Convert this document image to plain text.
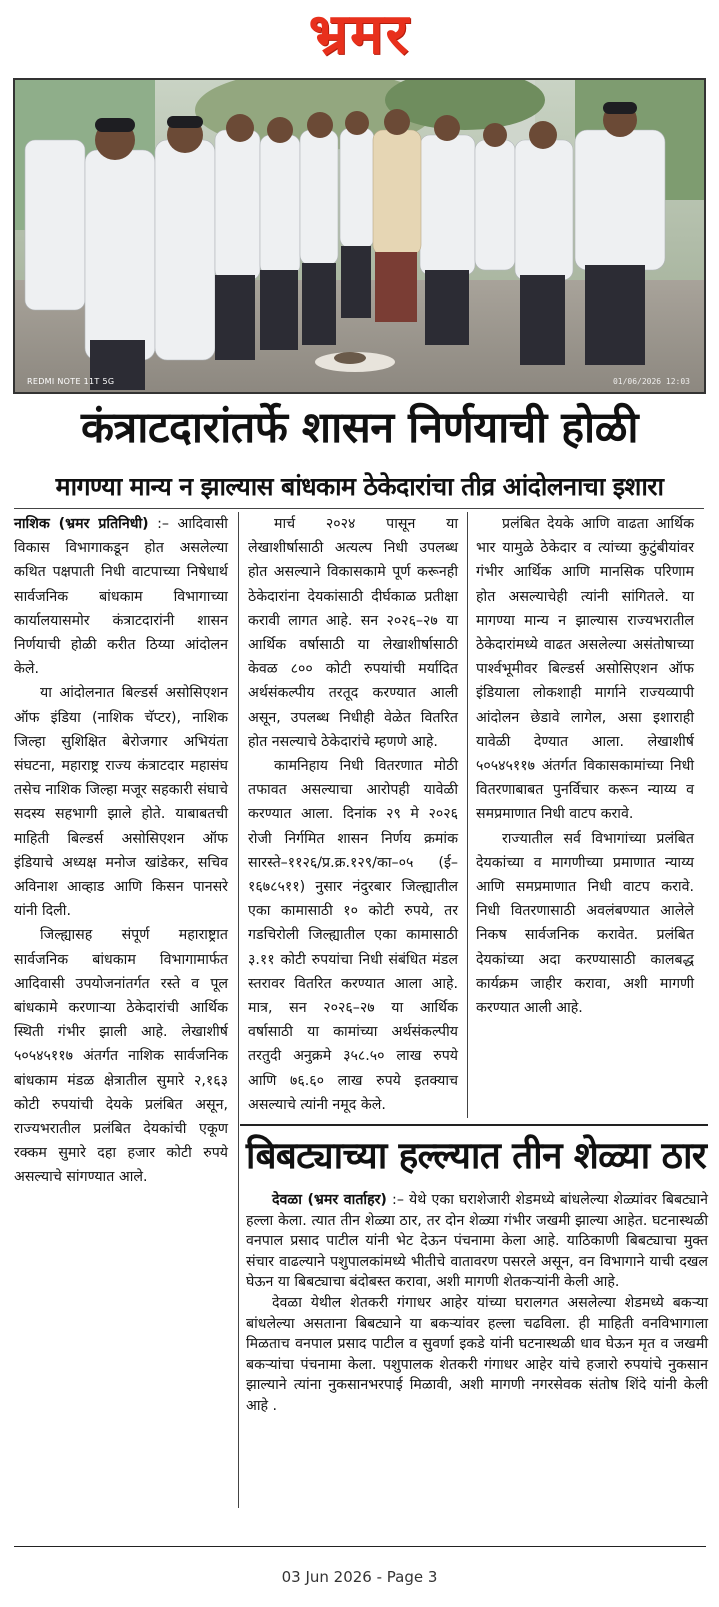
भ्रमर
REDMI NOTE 11T 5G	01/06/2026 12:03
कंत्राटदारांतर्फे शासन निर्णयाची होळी
मागण्या मान्य न झाल्यास बांधकाम ठेकेदारांचा तीव्र आंदोलनाचा इशारा

नाशिक (भ्रमर प्रतिनिधी) :– आदिवासी विकास विभागाकडून होत असलेल्या कथित पक्षपाती निधी वाटपाच्या निषेधार्थ सार्वजनिक बांधकाम विभागाच्या कार्यालयासमोर कंत्राटदारांनी शासन निर्णयाची होळी करीत ठिय्या आंदोलन केले.

या आंदोलनात बिल्डर्स असोसिएशन ऑफ इंडिया (नाशिक चॅप्टर), नाशिक जिल्हा सुशिक्षित बेरोजगार अभियंता संघटना, महाराष्ट्र राज्य कंत्राटदार महासंघ तसेच नाशिक जिल्हा मजूर सहकारी संघाचे सदस्य सहभागी झाले होते. याबाबतची माहिती बिल्डर्स असोसिएशन ऑफ इंडियाचे अध्यक्ष मनोज खांडेकर, सचिव अविनाश आव्हाड आणि किसन पानसरे यांनी दिली.

जिल्ह्यासह संपूर्ण महाराष्ट्रात सार्वजनिक बांधकाम विभागामार्फत आदिवासी उपयोजनांतर्गत रस्ते व पूल बांधकामे करणाऱ्या ठेकेदारांची आर्थिक स्थिती गंभीर झाली आहे. लेखाशीर्ष ५०५४५११७ अंतर्गत नाशिक सार्वजनिक बांधकाम मंडळ क्षेत्रातील सुमारे २,१६३ कोटी रुपयांची देयके प्रलंबित असून, राज्यभरातील प्रलंबित देयकांची एकूण रक्कम सुमारे दहा हजार कोटी रुपये असल्याचे सांगण्यात आले.

मार्च २०२४ पासून या लेखाशीर्षासाठी अत्यल्प निधी उपलब्ध होत असल्याने विकासकामे पूर्ण करूनही ठेकेदारांना देयकांसाठी दीर्घकाळ प्रतीक्षा करावी लागत आहे. सन २०२६–२७ या आर्थिक वर्षासाठी या लेखाशीर्षासाठी केवळ ८०० कोटी रुपयांची मर्यादित अर्थसंकल्पीय तरतूद करण्यात आली असून, उपलब्ध निधीही वेळेत वितरित होत नसल्याचे ठेकेदारांचे म्हणणे आहे.

कामनिहाय निधी वितरणात मोठी तफावत असल्याचा आरोपही यावेळी करण्यात आला. दिनांक २९ मे २०२६ रोजी निर्गमित शासन निर्णय क्रमांक सारस्ते–११२६/प्र.क्र.१२९/का–०५ (ई–१६७८५११) नुसार नंदुरबार जिल्ह्यातील एका कामासाठी १० कोटी रुपये, तर गडचिरोली जिल्ह्यातील एका कामासाठी ३.११ कोटी रुपयांचा निधी संबंधित मंडल स्तरावर वितरित करण्यात आला आहे. मात्र, सन २०२६–२७ या आर्थिक वर्षासाठी या कामांच्या अर्थसंकल्पीय तरतुदी अनुक्रमे ३५८.५० लाख रुपये आणि ७६.६० लाख रुपये इतक्याच असल्याचे त्यांनी नमूद केले.

प्रलंबित देयके आणि वाढता आर्थिक भार यामुळे ठेकेदार व त्यांच्या कुटुंबीयांवर गंभीर आर्थिक आणि मानसिक परिणाम होत असल्याचेही त्यांनी सांगितले. या मागण्या मान्य न झाल्यास राज्यभरातील ठेकेदारांमध्ये वाढत असलेल्या असंतोषाच्या पार्श्वभूमीवर बिल्डर्स असोसिएशन ऑफ इंडियाला लोकशाही मार्गाने राज्यव्यापी आंदोलन छेडावे लागेल, असा इशाराही यावेळी देण्यात आला. लेखाशीर्ष ५०५४५११७ अंतर्गत विकासकामांच्या निधी वितरणाबाबत पुनर्विचार करून न्याय्य व समप्रमाणात निधी वाटप करावे.

राज्यातील सर्व विभागांच्या प्रलंबित देयकांच्या व मागणीच्या प्रमाणात न्याय्य आणि समप्रमाणात निधी वाटप करावे. निधी वितरणासाठी अवलंबण्यात आलेले निकष सार्वजनिक करावेत. प्रलंबित देयकांच्या अदा करण्यासाठी कालबद्ध कार्यक्रम जाहीर करावा, अशी मागणी करण्यात आली आहे.

बिबट्याच्या हल्ल्यात तीन शेळ्या ठार

देवळा (भ्रमर वार्ताहर) :– येथे एका घराशेजारी शेडमध्ये बांधलेल्या शेळ्यांवर बिबट्याने हल्ला केला. त्यात तीन शेळ्या ठार, तर दोन शेळ्या गंभीर जखमी झाल्या आहेत. घटनास्थळी वनपाल प्रसाद पाटील यांनी भेट देऊन पंचनामा केला आहे. याठिकाणी बिबट्याचा मुक्त संचार वाढल्याने पशुपालकांमध्ये भीतीचे वातावरण पसरले असून, वन विभागाने याची दखल घेऊन या बिबट्याचा बंदोबस्त करावा, अशी मागणी शेतकऱ्यांनी केली आहे.

देवळा येथील शेतकरी गंगाधर आहेर यांच्या घरालगत असलेल्या शेडमध्ये बकऱ्या बांधलेल्या असताना बिबट्याने या बकऱ्यांवर हल्ला चढविला. ही माहिती वनविभागाला मिळताच वनपाल प्रसाद पाटील व सुवर्णा इकडे यांनी घटनास्थळी धाव घेऊन मृत व जखमी बकऱ्यांचा पंचनामा केला. पशुपालक शेतकरी गंगाधर आहेर यांचे हजारो रुपयांचे नुकसान झाल्याने त्यांना नुकसानभरपाई मिळावी, अशी मागणी नगरसेवक संतोष शिंदे यांनी केली आहे .

03 Jun 2026 - Page 3
